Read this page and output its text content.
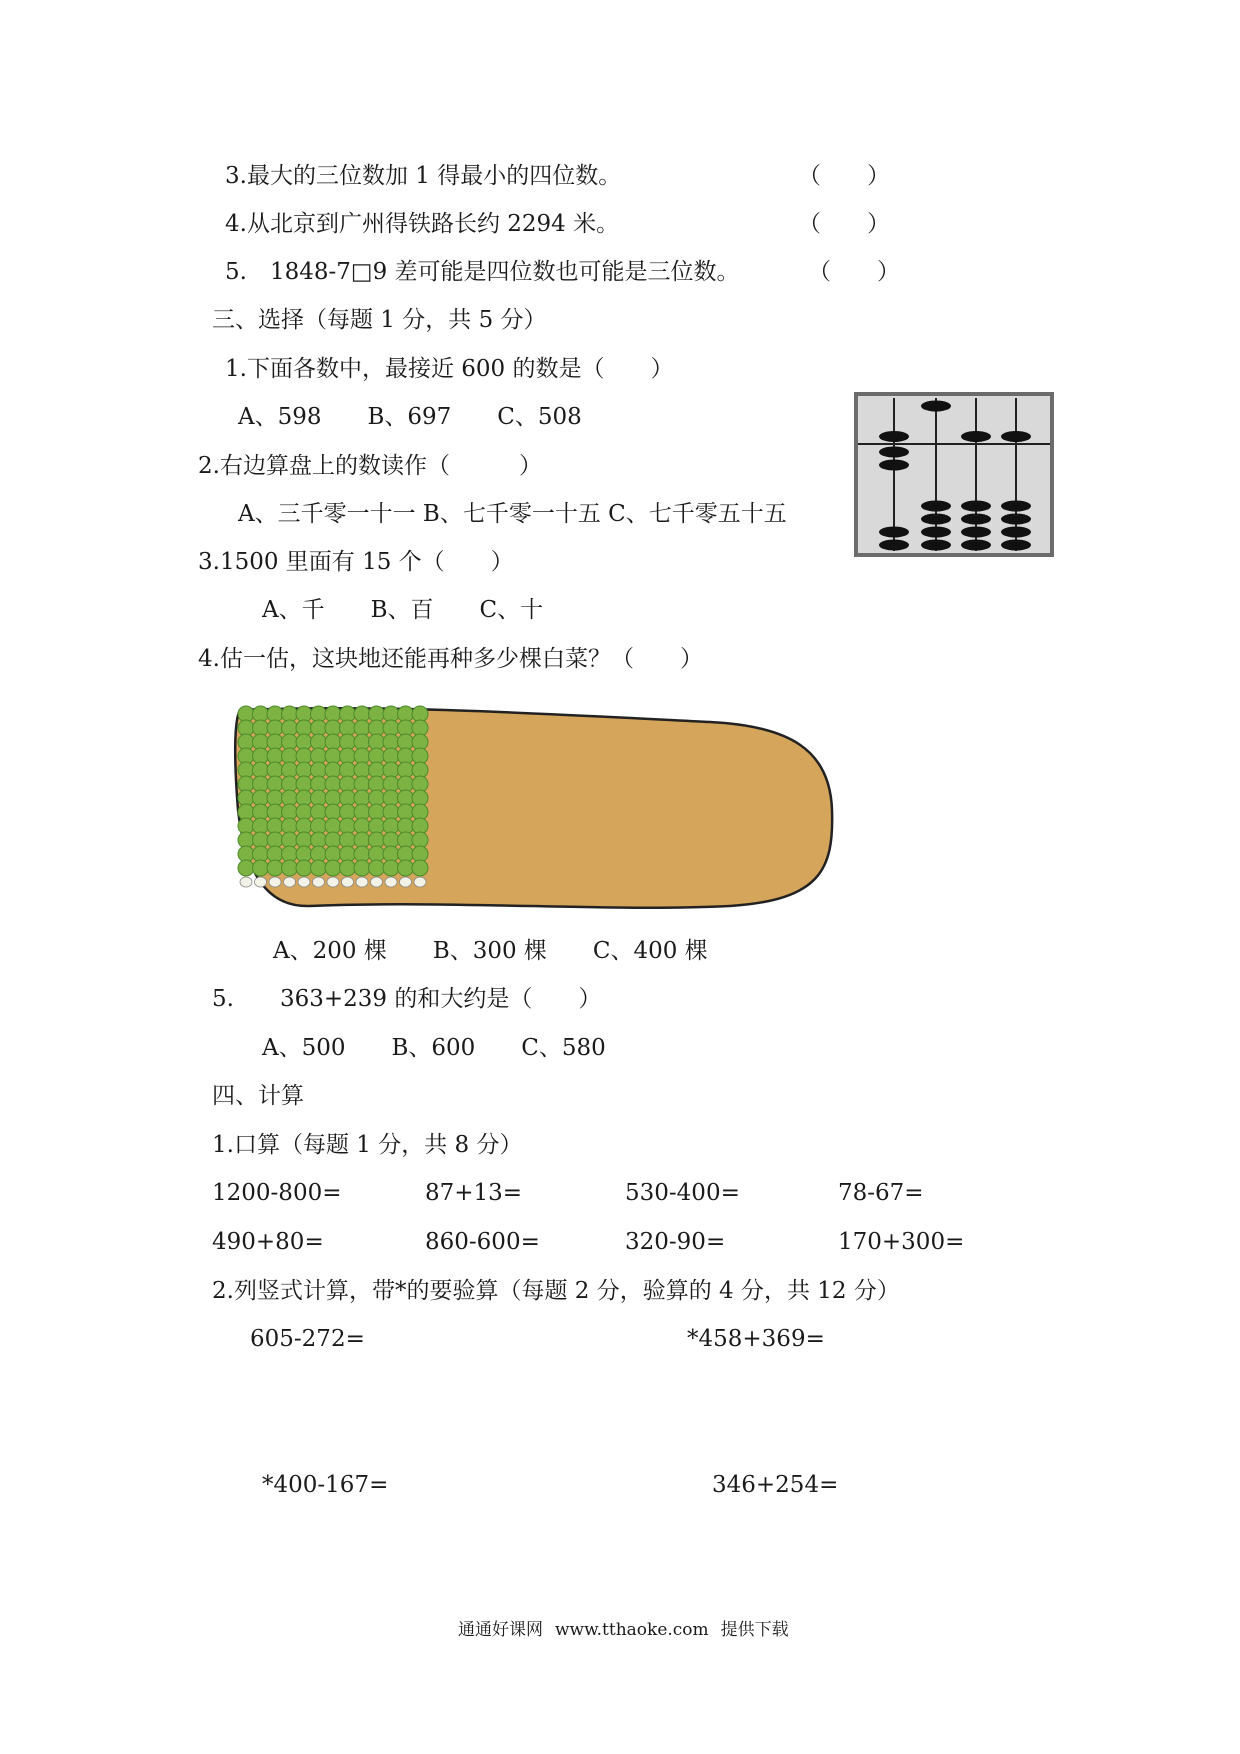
3.最大的三位数加 1 得最小的四位数。	（　　）
4.从北京到广州得铁路长约 2294 米。	（　　）
5.　1848-7□9 差可能是四位数也可能是三位数。	（　　）
三、选择（每题 1 分，共 5 分）
1.下面各数中，最接近 600 的数是（　　）
A、598　　B、697　　C、508
2.右边算盘上的数读作（　　　）
A、三千零一十一 B、七千零一十五 C、七千零五十五
3.1500 里面有 15 个（　　）
A、千　　B、百　　C、十
4.估一估，这块地还能再种多少棵白菜？（　　）
A、200 棵　　B、300 棵　　C、400 棵
5.　　363+239 的和大约是（　　）
A、500　　B、600　　C、580
四、计算
1.口算（每题 1 分，共 8 分）
1200-800=	87+13=	530-400=	78-67=
490+80=	860-600=	320-90=	170+300=
2.列竖式计算，带*的要验算（每题 2 分，验算的 4 分，共 12 分）
605-272=	*458+369=
*400-167=	346+254=
通通好课网 www.tthaoke.com 提供下载
